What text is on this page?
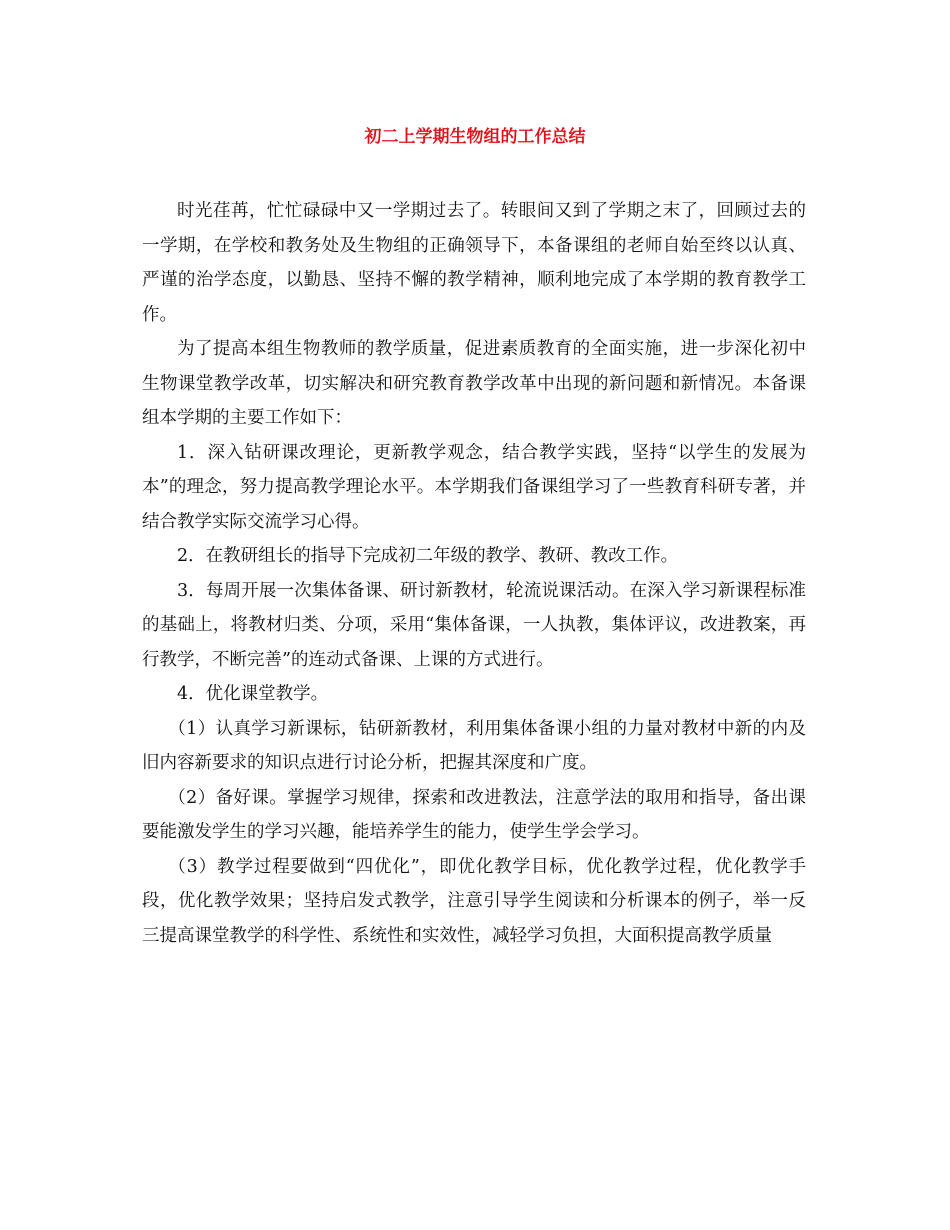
初二上学期生物组的工作总结

时光荏苒，忙忙碌碌中又一学期过去了。转眼间又到了学期之末了，回顾过去的一学期，在学校和教务处及生物组的正确领导下，本备课组的老师自始至终以认真、严谨的治学态度，以勤恳、坚持不懈的教学精神，顺利地完成了本学期的教育教学工作。

为了提高本组生物教师的教学质量，促进素质教育的全面实施，进一步深化初中生物课堂教学改革，切实解决和研究教育教学改革中出现的新问题和新情况。本备课组本学期的主要工作如下：

1．深入钻研课改理论，更新教学观念，结合教学实践，坚持“以学生的发展为本”的理念，努力提高教学理论水平。本学期我们备课组学习了一些教育科研专著，并结合教学实际交流学习心得。

2．在教研组长的指导下完成初二年级的教学、教研、教改工作。

3．每周开展一次集体备课、研讨新教材，轮流说课活动。在深入学习新课程标准的基础上，将教材归类、分项，采用“集体备课，一人执教，集体评议，改进教案，再行教学，不断完善”的连动式备课、上课的方式进行。

4．优化课堂教学。

（1）认真学习新课标，钻研新教材，利用集体备课小组的力量对教材中新的内及旧内容新要求的知识点进行讨论分析，把握其深度和广度。

（2）备好课。掌握学习规律，探索和改进教法，注意学法的取用和指导，备出课要能激发学生的学习兴趣，能培养学生的能力，使学生学会学习。

（3）教学过程要做到“四优化”，即优化教学目标，优化教学过程，优化教学手段，优化教学效果；坚持启发式教学，注意引导学生阅读和分析课本的例子，举一反三提高课堂教学的科学性、系统性和实效性，减轻学习负担，大面积提高教学质量
